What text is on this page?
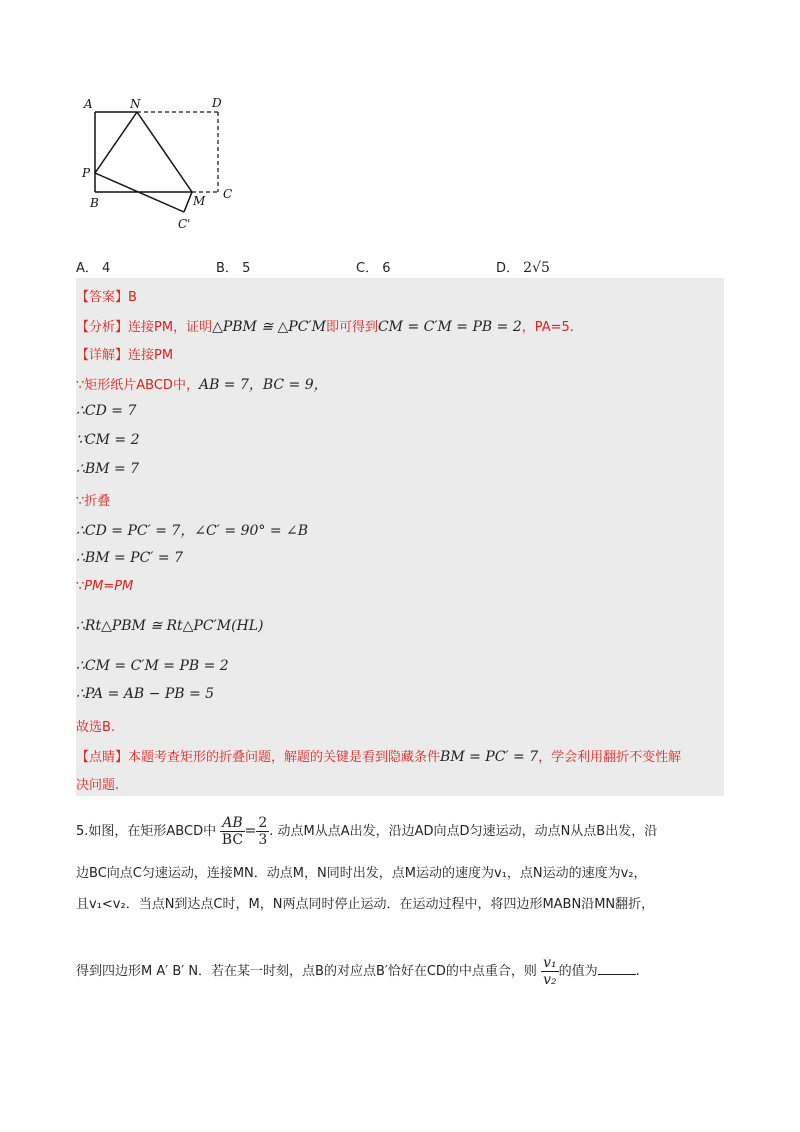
A	N	D
P
B	M C
C'
A． 4	B． 5	C． 6	D． 2√5
【答案】B
【分析】连接PM，证明△PBM ≅ △PC′M即可得到CM = C′M = PB = 2，PA=5.
【详解】连接PM
∵矩形纸片ABCD中，AB = 7，BC = 9，
∴CD = 7
∵CM = 2
∴BM = 7
∵折叠
∴CD = PC′ = 7，∠C′ = 90° = ∠B
∴BM = PC′ = 7
∵PM=PM
∴Rt△PBM ≅ Rt△PC′M(HL)
∴CM = C′M = PB = 2
∴PA = AB − PB = 5
故选B.
【点睛】本题考查矩形的折叠问题，解题的关键是看到隐藏条件BM = PC′ = 7，学会利用翻折不变性解
决问题.
5.如图，在矩形ABCD中 $\frac{AB}{BC} = \frac{2}{3}$ . 动点M从点A出发，沿边AD向点D匀速运动，动点N从点B出发，沿
边BC向点C匀速运动，连接MN．动点M，N同时出发，点M运动的速度为v₁，点N运动的速度为v₂，
且v₁<v₂．当点N到达点C时，M，N两点同时停止运动．在运动过程中，将四边形MABN沿MN翻折，
得到四边形M A′ B′ N．若在某一时刻，点B的对应点B′恰好在CD的中点重合，则 $\frac{\text{v₁}}{\text{v₂}}$ 的值为	.
